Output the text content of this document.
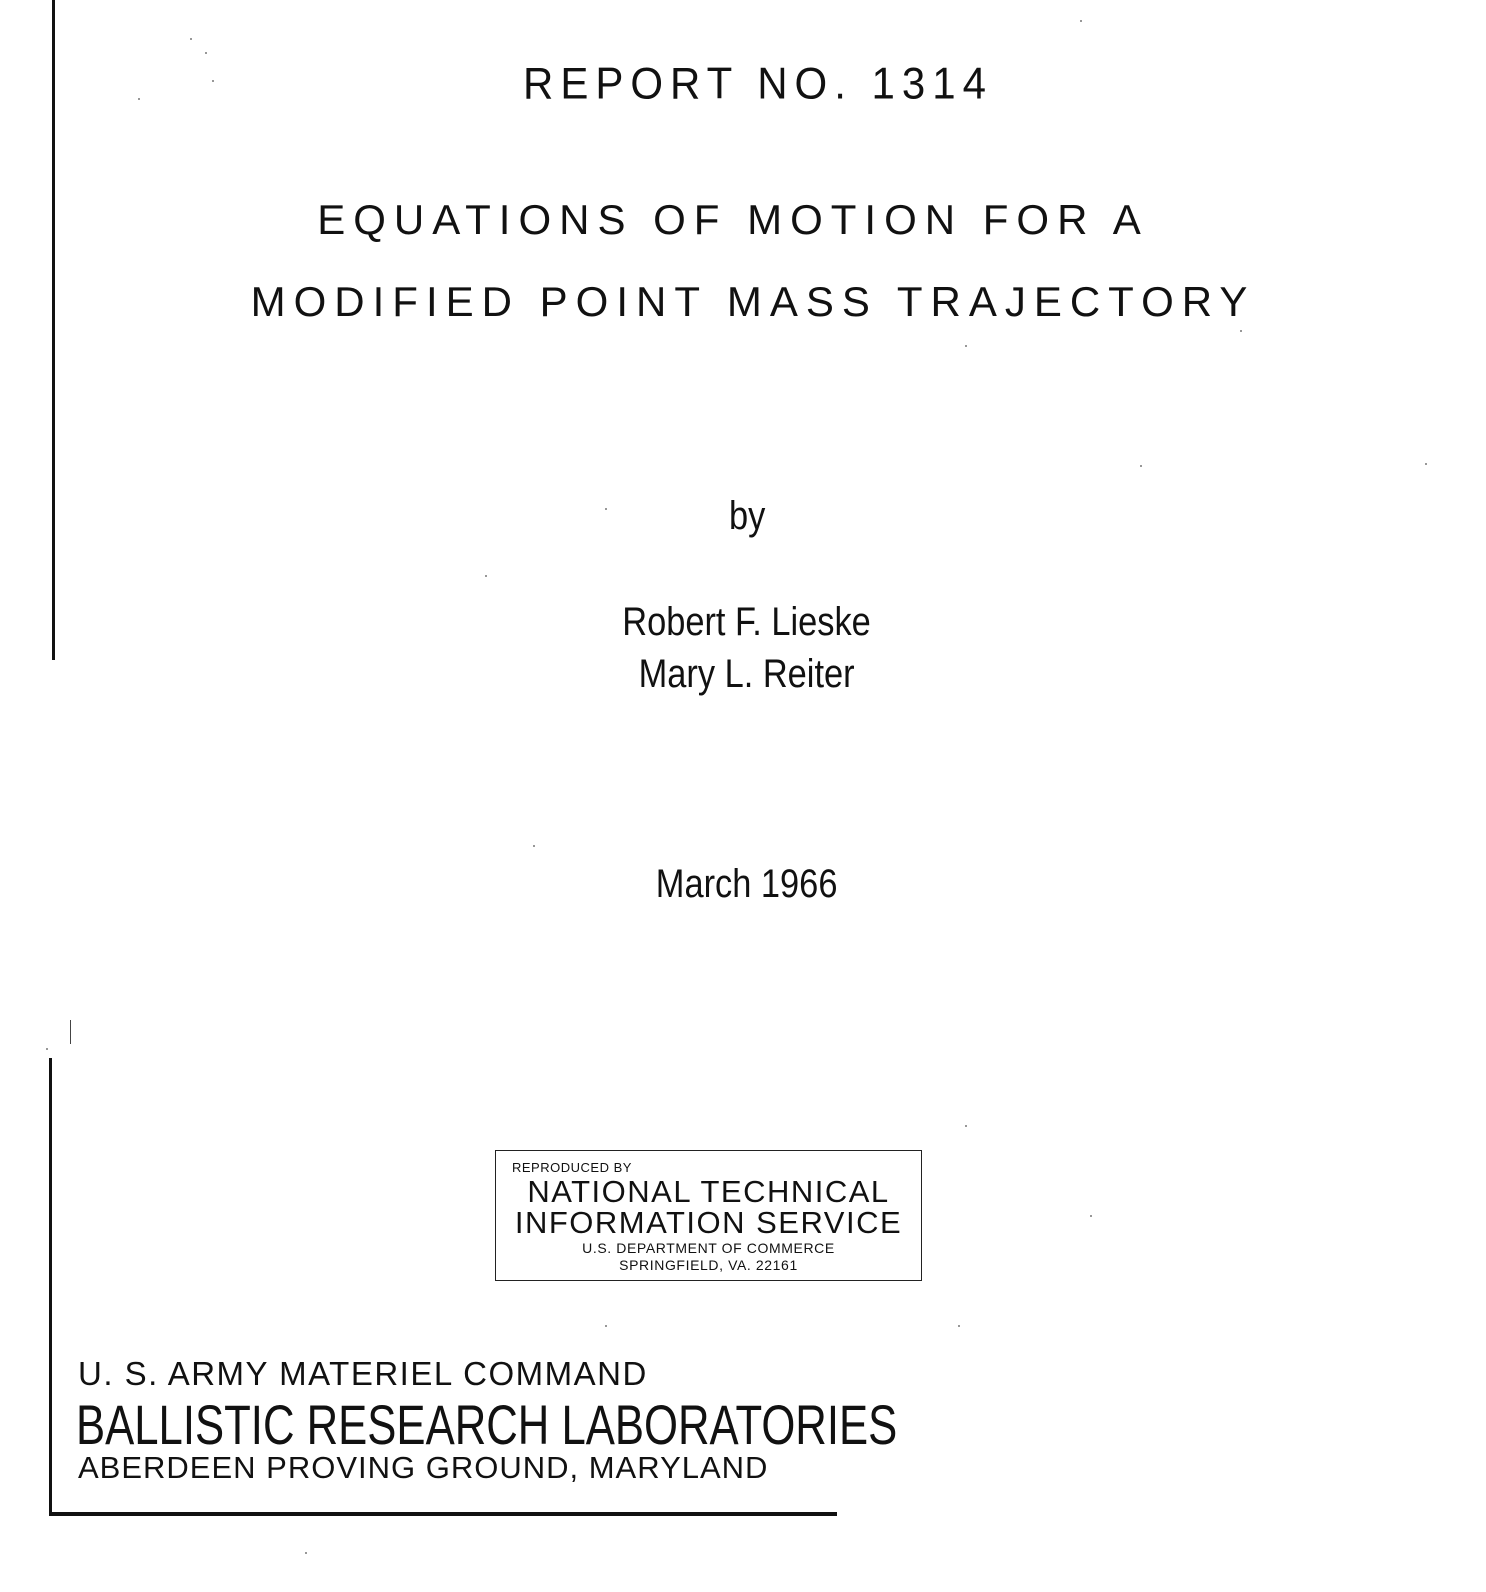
REPORT NO. 1314
EQUATIONS OF MOTION FOR A
MODIFIED POINT MASS TRAJECTORY
by
Robert F. Lieske
Mary L. Reiter
March 1966
REPRODUCED BY
NATIONAL TECHNICAL
INFORMATION SERVICE
U.S. DEPARTMENT OF COMMERCE
SPRINGFIELD, VA. 22161
U. S. ARMY MATERIEL COMMAND
BALLISTIC RESEARCH LABORATORIES
ABERDEEN PROVING GROUND, MARYLAND
